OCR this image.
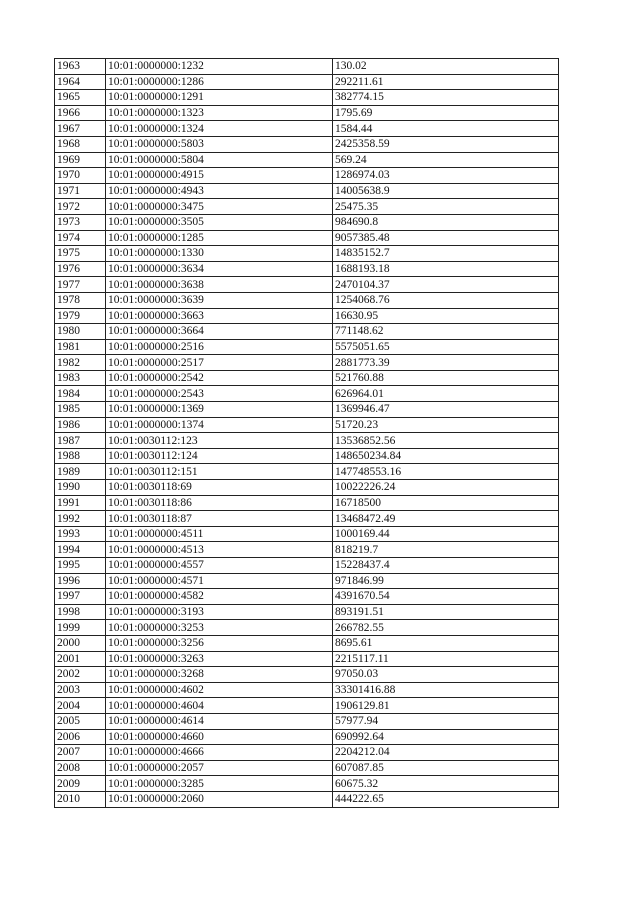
1963	10:01:0000000:1232	130.02
1964	10:01:0000000:1286	292211.61
1965	10:01:0000000:1291	382774.15
1966	10:01:0000000:1323	1795.69
1967	10:01:0000000:1324	1584.44
1968	10:01:0000000:5803	2425358.59
1969	10:01:0000000:5804	569.24
1970	10:01:0000000:4915	1286974.03
1971	10:01:0000000:4943	14005638.9
1972	10:01:0000000:3475	25475.35
1973	10:01:0000000:3505	984690.8
1974	10:01:0000000:1285	9057385.48
1975	10:01:0000000:1330	14835152.7
1976	10:01:0000000:3634	1688193.18
1977	10:01:0000000:3638	2470104.37
1978	10:01:0000000:3639	1254068.76
1979	10:01:0000000:3663	16630.95
1980	10:01:0000000:3664	771148.62
1981	10:01:0000000:2516	5575051.65
1982	10:01:0000000:2517	2881773.39
1983	10:01:0000000:2542	521760.88
1984	10:01:0000000:2543	626964.01
1985	10:01:0000000:1369	1369946.47
1986	10:01:0000000:1374	51720.23
1987	10:01:0030112:123	13536852.56
1988	10:01:0030112:124	148650234.84
1989	10:01:0030112:151	147748553.16
1990	10:01:0030118:69	10022226.24
1991	10:01:0030118:86	16718500
1992	10:01:0030118:87	13468472.49
1993	10:01:0000000:4511	1000169.44
1994	10:01:0000000:4513	818219.7
1995	10:01:0000000:4557	15228437.4
1996	10:01:0000000:4571	971846.99
1997	10:01:0000000:4582	4391670.54
1998	10:01:0000000:3193	893191.51
1999	10:01:0000000:3253	266782.55
2000	10:01:0000000:3256	8695.61
2001	10:01:0000000:3263	2215117.11
2002	10:01:0000000:3268	97050.03
2003	10:01:0000000:4602	33301416.88
2004	10:01:0000000:4604	1906129.81
2005	10:01:0000000:4614	57977.94
2006	10:01:0000000:4660	690992.64
2007	10:01:0000000:4666	2204212.04
2008	10:01:0000000:2057	607087.85
2009	10:01:0000000:3285	60675.32
2010	10:01:0000000:2060	444222.65
